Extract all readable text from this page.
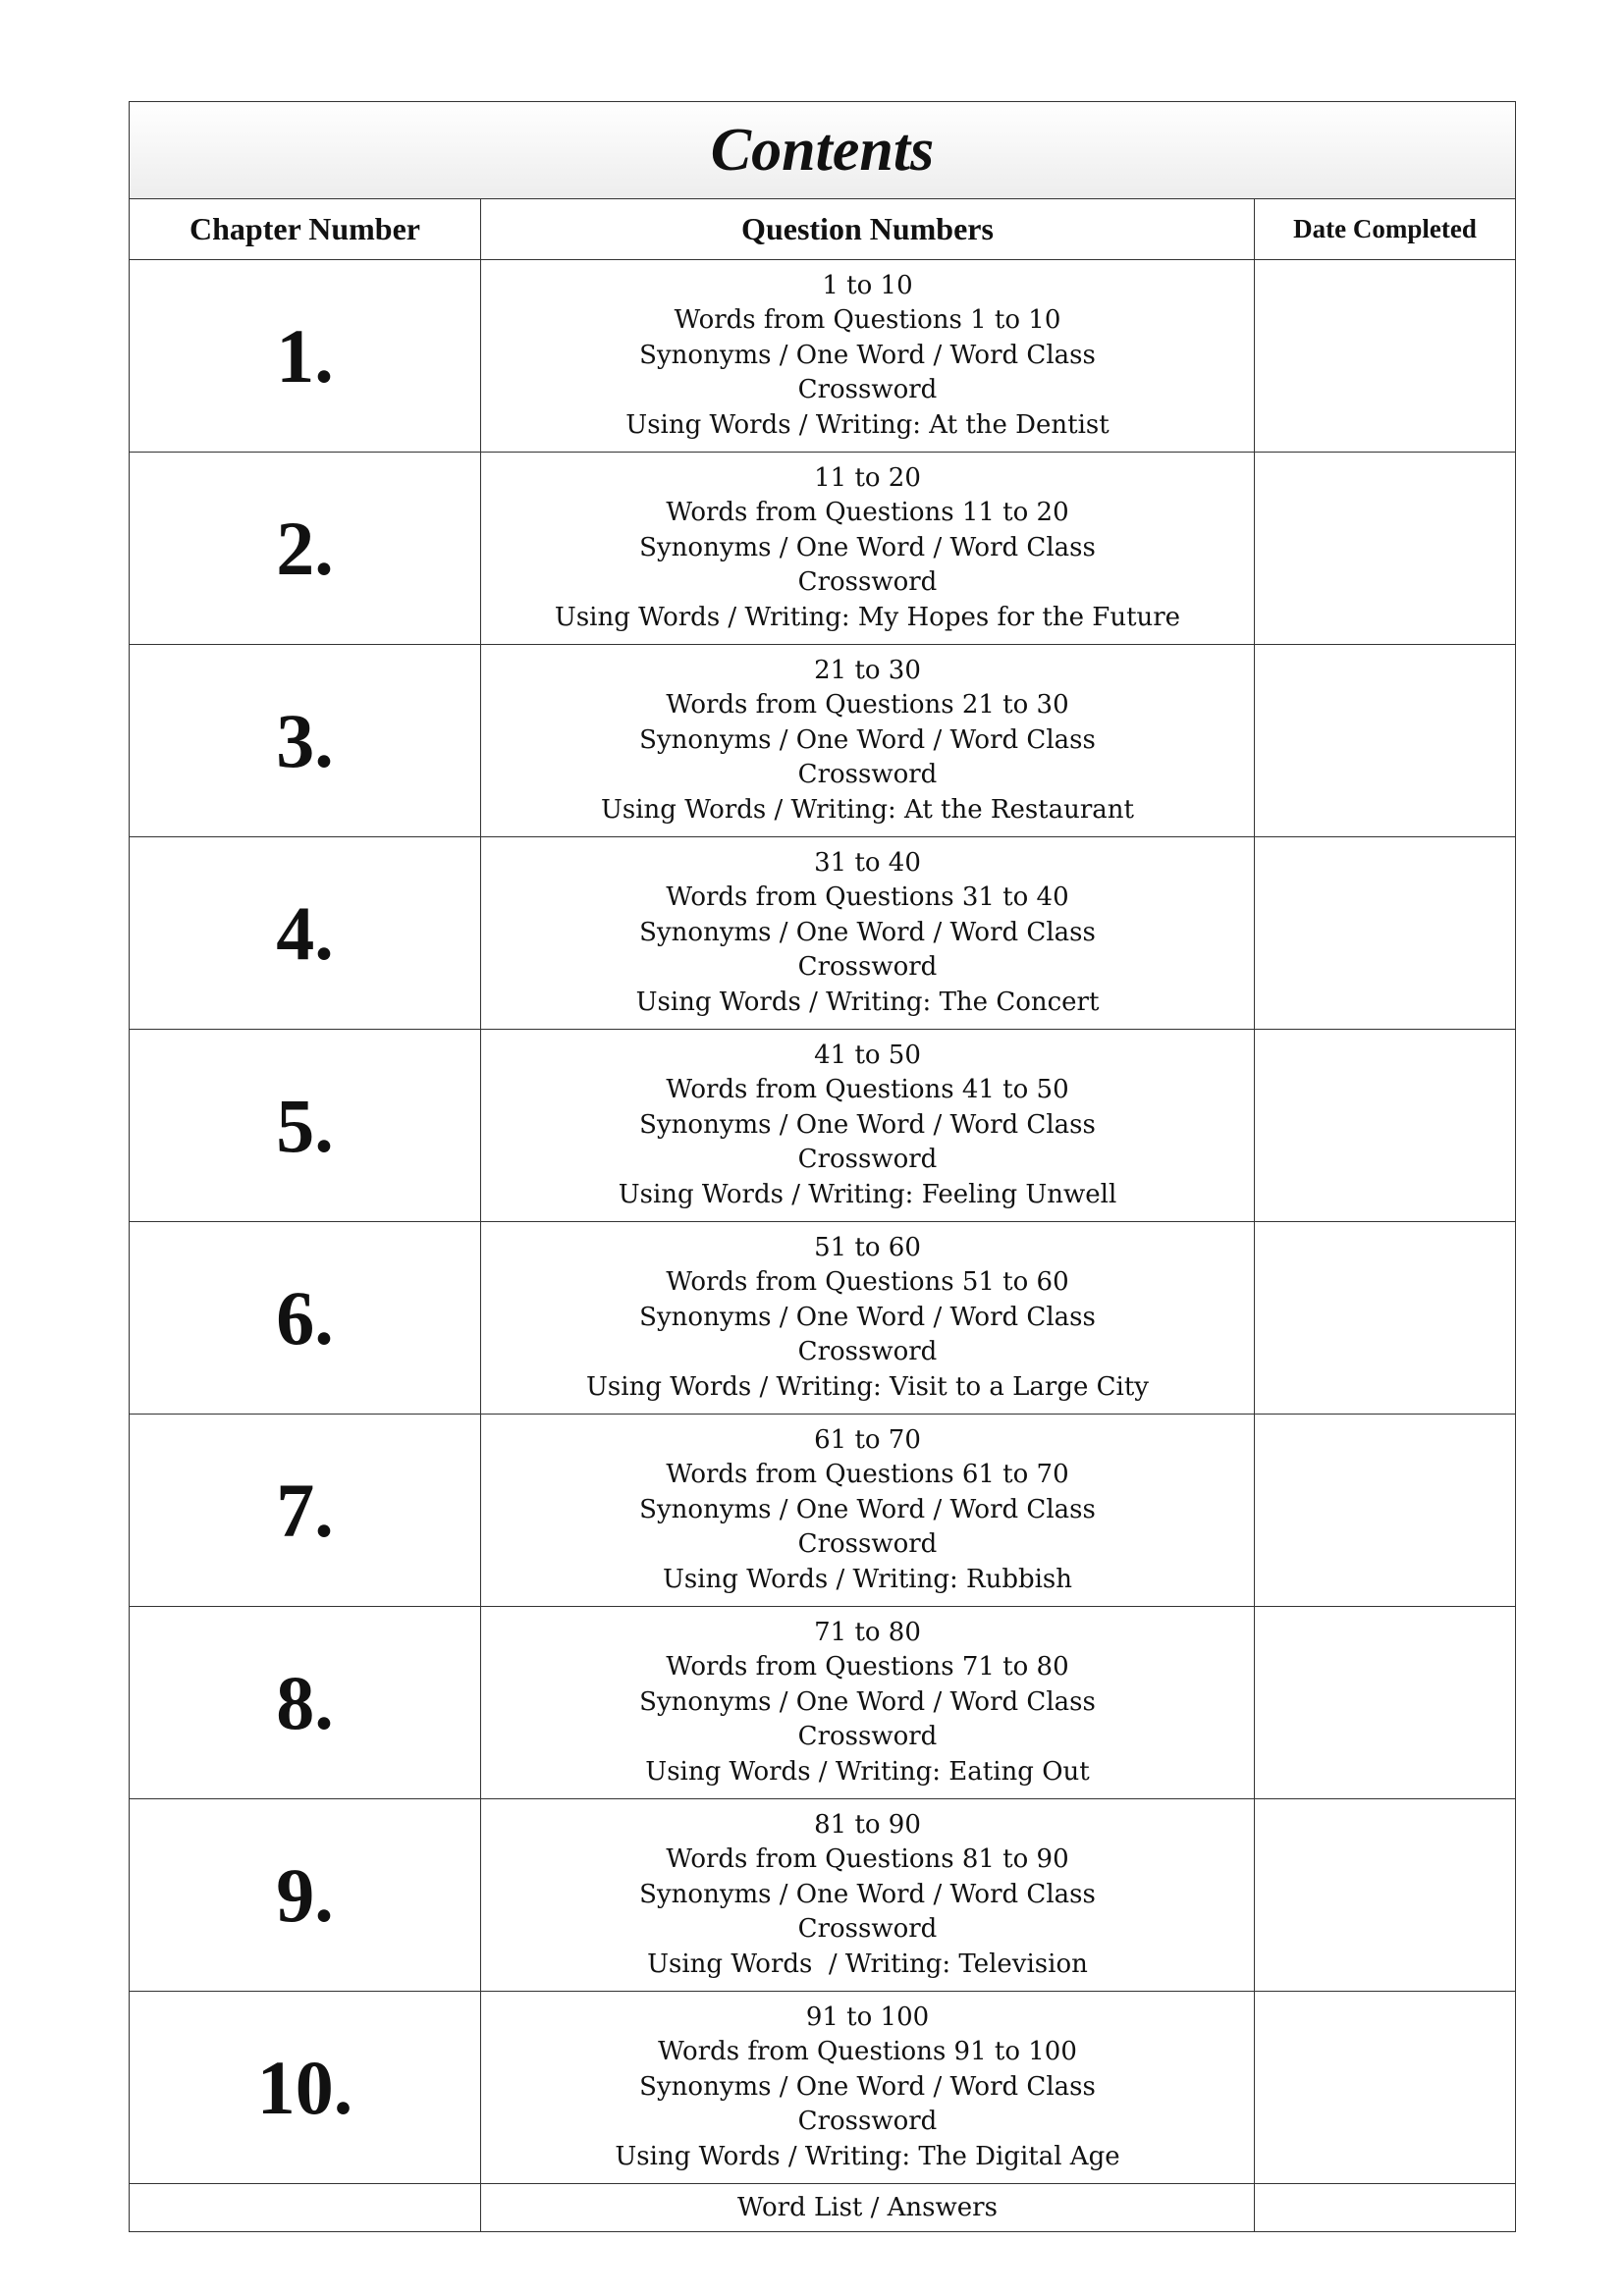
Contents
Chapter Number	Question Numbers	Date Completed
1.
1 to 10
Words from Questions 1 to 10
Synonyms / One Word / Word Class
Crossword
Using Words / Writing: At the Dentist
2.
11 to 20
Words from Questions 11 to 20
Synonyms / One Word / Word Class
Crossword
Using Words / Writing: My Hopes for the Future
3.
21 to 30
Words from Questions 21 to 30
Synonyms / One Word / Word Class
Crossword
Using Words / Writing: At the Restaurant
4.
31 to 40
Words from Questions 31 to 40
Synonyms / One Word / Word Class
Crossword
Using Words / Writing: The Concert
5.
41 to 50
Words from Questions 41 to 50
Synonyms / One Word / Word Class
Crossword
Using Words / Writing: Feeling Unwell
6.
51 to 60
Words from Questions 51 to 60
Synonyms / One Word / Word Class
Crossword
Using Words / Writing: Visit to a Large City
7.
61 to 70
Words from Questions 61 to 70
Synonyms / One Word / Word Class
Crossword
Using Words / Writing: Rubbish
8.
71 to 80
Words from Questions 71 to 80
Synonyms / One Word / Word Class
Crossword
Using Words / Writing: Eating Out
9.
81 to 90
Words from Questions 81 to 90
Synonyms / One Word / Word Class
Crossword
Using Words  / Writing: Television
10.
91 to 100
Words from Questions 91 to 100
Synonyms / One Word / Word Class
Crossword
Using Words / Writing: The Digital Age
Word List / Answers
